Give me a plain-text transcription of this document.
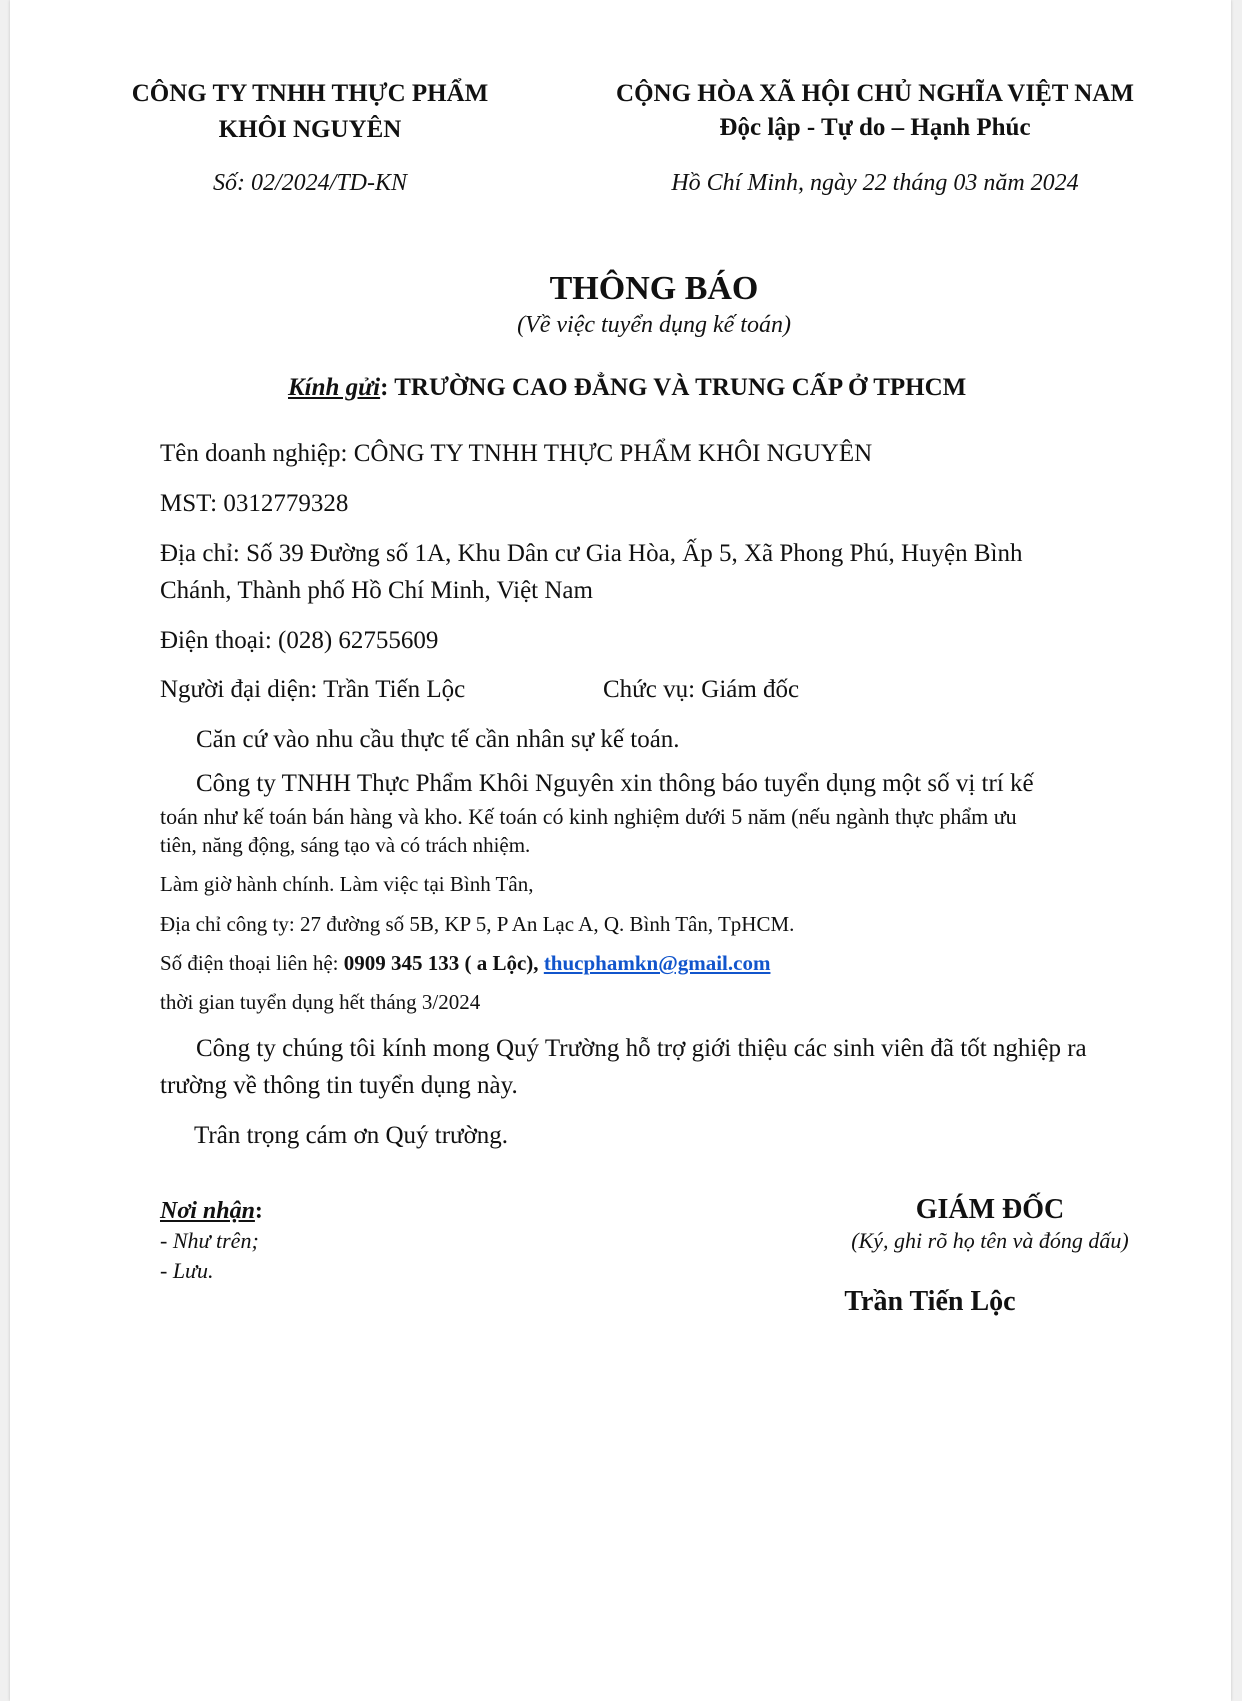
CÔNG TY TNHH THỰC PHẨM
KHÔI NGUYÊN
Số: 02/2024/TD-KN
CỘNG HÒA XÃ HỘI CHỦ NGHĨA VIỆT NAM
Độc lập - Tự do – Hạnh Phúc
Hồ Chí Minh, ngày 22 tháng 03 năm 2024
THÔNG BÁO
(Về việc tuyển dụng kế toán)
Kính gửi: TRƯỜNG CAO ĐẲNG VÀ TRUNG CẤP Ở TPHCM
Tên doanh nghiệp: CÔNG TY TNHH THỰC PHẨM KHÔI NGUYÊN
MST: 0312779328
Địa chỉ: Số 39 Đường số 1A, Khu Dân cư Gia Hòa, Ấp 5, Xã Phong Phú, Huyện Bình
Chánh, Thành phố Hồ Chí Minh, Việt Nam
Điện thoại: (028) 62755609
Người đại diện: Trần Tiến Lộc	Chức vụ: Giám đốc
Căn cứ vào nhu cầu thực tế cần nhân sự kế toán.
Công ty TNHH Thực Phẩm Khôi Nguyên xin thông báo tuyển dụng một số vị trí kế
toán như kế toán bán hàng và kho. Kế toán có kinh nghiệm dưới 5 năm (nếu ngành thực phẩm ưu
tiên, năng động, sáng tạo và có trách nhiệm.
Làm giờ hành chính. Làm việc tại Bình Tân,
Địa chỉ công ty: 27 đường số 5B, KP 5, P An Lạc A, Q. Bình Tân, TpHCM.
Số điện thoại liên hệ: 0909 345 133 ( a Lộc), thucphamkn@gmail.com
thời gian tuyển dụng hết tháng 3/2024
Công ty chúng tôi kính mong Quý Trường hỗ trợ giới thiệu các sinh viên đã tốt nghiệp ra
trường về thông tin tuyển dụng này.
Trân trọng cám ơn Quý trường.
Nơi nhận:
- Như trên;
- Lưu.
GIÁM ĐỐC
(Ký, ghi rõ họ tên và đóng dấu)
Trần Tiến Lộc
